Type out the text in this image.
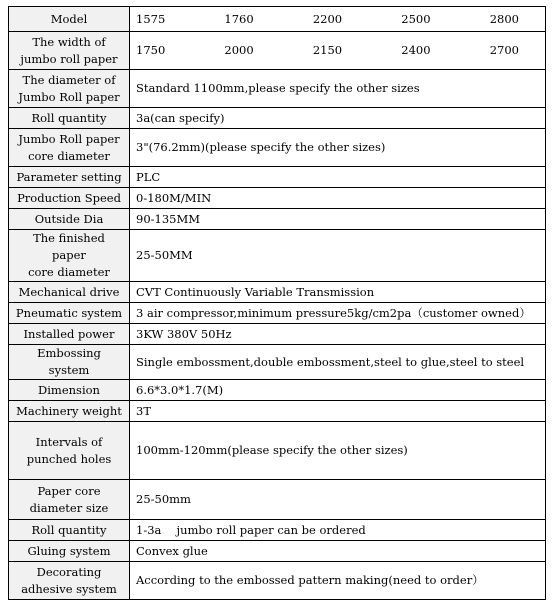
Model	1575 1760 2200 2500 2800

The width of
jumbo roll paper	1750 2000 2150 2400 2700

The diameter of
Jumbo Roll paper	Standard 1100mm,please specify the other sizes
Roll quantity	3a(can specify)

Jumbo Roll paper
core diameter	3"(76.2mm)(please specify the other sizes)
Parameter setting	PLC
Production Speed	0-180M/MIN
Outside Dia	90-135MM

The finished paper
core diameter	25-50MM
Mechanical drive	CVT Continuously Variable Transmission
Pneumatic system	3 air compressor,minimum pressure5kg/cm2pa（customer owned）
Installed power	3KW 380V 50Hz
Embossing system	Single embossment,double embossment,steel to glue,steel to steel
Dimension	6.6*3.0*1.7(M)
Machinery weight	3T

Intervals of
punched holes	100mm-120mm(please specify the other sizes)

Paper core
diameter size	25-50mm
Roll quantity	1-3a　 jumbo roll paper can be ordered
Gluing system	Convex glue

Decorating
adhesive system	According to the embossed pattern making(need to order）
